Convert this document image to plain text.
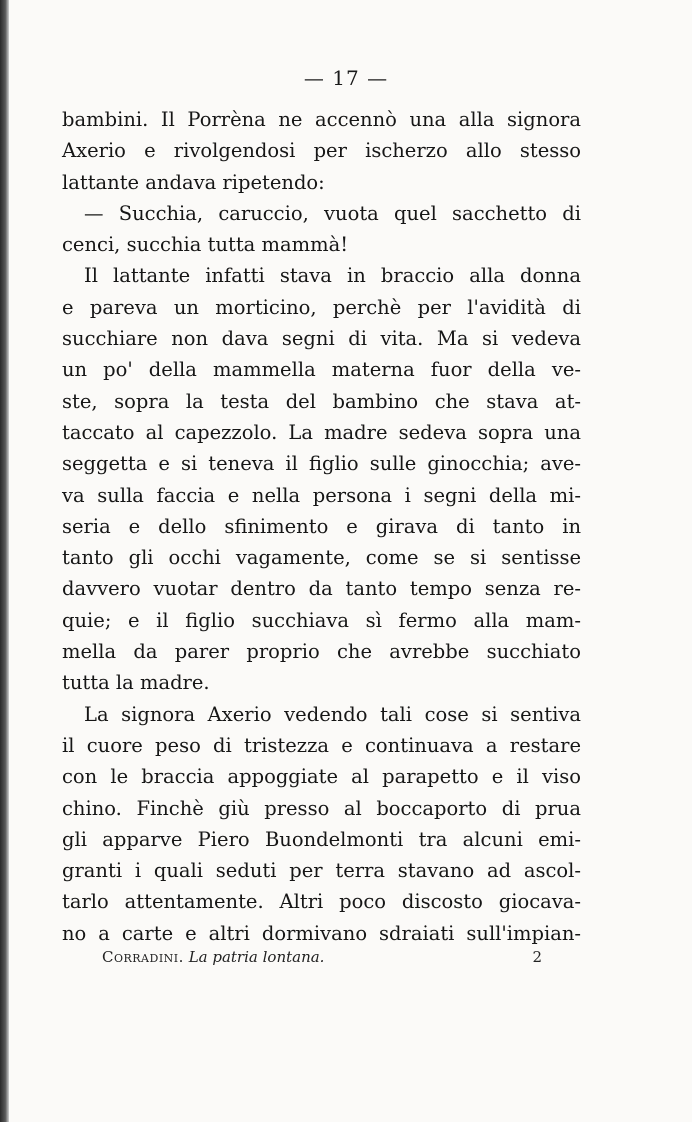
— 17 —
bambini. Il Porrèna ne accennò una alla signora
Axerio e rivolgendosi per ischerzo allo stesso
lattante andava ripetendo:
— Succhia, caruccio, vuota quel sacchetto di
cenci, succhia tutta mammà!
Il lattante infatti stava in braccio alla donna
e pareva un morticino, perchè per l'avidità di
succhiare non dava segni di vita. Ma si vedeva
un po' della mammella materna fuor della ve-
ste, sopra la testa del bambino che stava at-
taccato al capezzolo. La madre sedeva sopra una
seggetta e si teneva il figlio sulle ginocchia; ave-
va sulla faccia e nella persona i segni della mi-
seria e dello sfinimento e girava di tanto in
tanto gli occhi vagamente, come se si sentisse
davvero vuotar dentro da tanto tempo senza re-
quie; e il figlio succhiava sì fermo alla mam-
mella da parer proprio che avrebbe succhiato
tutta la madre.
La signora Axerio vedendo tali cose si sentiva
il cuore peso di tristezza e continuava a restare
con le braccia appoggiate al parapetto e il viso
chino. Finchè giù presso al boccaporto di prua
gli apparve Piero Buondelmonti tra alcuni emi-
granti i quali seduti per terra stavano ad ascol-
tarlo attentamente. Altri poco discosto giocava-
no a carte e altri dormivano sdraiati sull'impian-
Corradini. La patria lontana.	2
